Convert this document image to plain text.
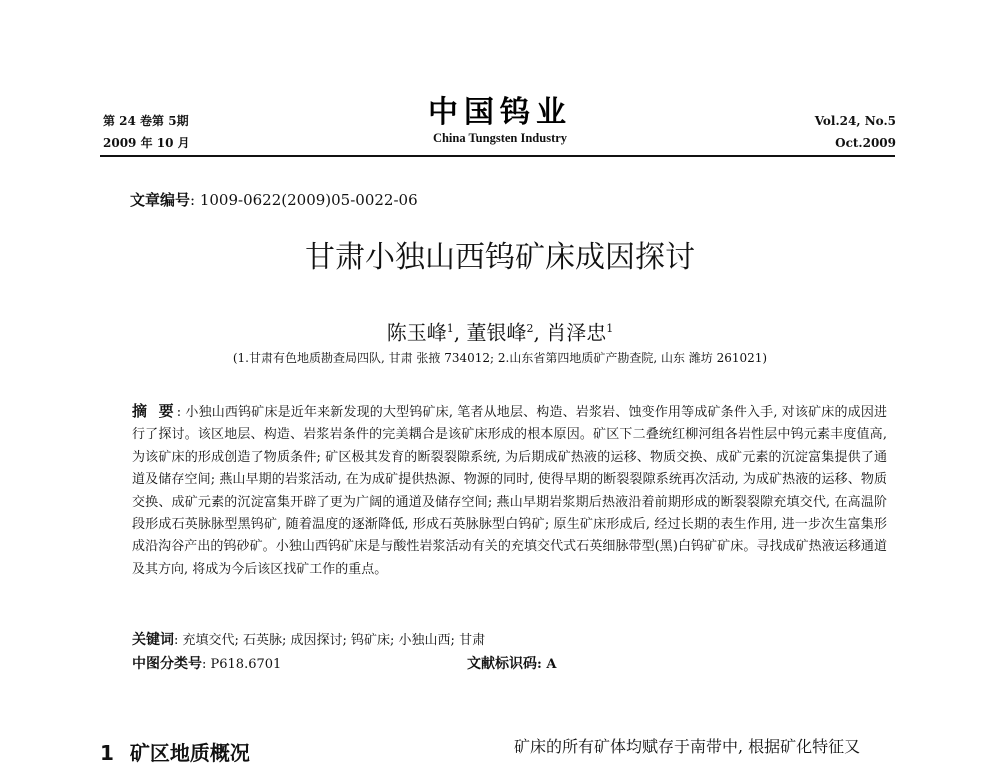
第 24 卷第 5期
2009 年 10 月
中国钨业
China Tungsten Industry
Vol.24, No.5
Oct.2009
文章编号: 1009-0622(2009)05-0022-06
甘肃小独山西钨矿床成因探讨
陈玉峰$^1$, 董银峰$^2$, 肖泽忠$^1$
(1.甘肃有色地质勘查局四队, 甘肃 张掖 734012; 2.山东省第四地质矿产勘查院, 山东 潍坊 261021)
摘 要: 小独山西钨矿床是近年来新发现的大型钨矿床, 笔者从地层、构造、岩浆岩、蚀变作用等成矿条件入手, 对该矿床的成因进行了探讨。该区地层、构造、岩浆岩条件的完美耦合是该矿床形成的根本原因。矿区下二叠统红柳河组各岩性层中钨元素丰度值高, 为该矿床的形成创造了物质条件; 矿区极其发育的断裂裂隙系统, 为后期成矿热液的运移、物质交换、成矿元素的沉淀富集提供了通道及储存空间; 燕山早期的岩浆活动, 在为成矿提供热源、物源的同时, 使得早期的断裂裂隙系统再次活动, 为成矿热液的运移、物质交换、成矿元素的沉淀富集开辟了更为广阔的通道及储存空间; 燕山早期岩浆期后热液沿着前期形成的断裂裂隙充填交代, 在高温阶段形成石英脉脉型黑钨矿, 随着温度的逐渐降低, 形成石英脉脉型白钨矿; 原生矿床形成后, 经过长期的表生作用, 进一步次生富集形成沿沟谷产出的钨砂矿。小独山西钨矿床是与酸性岩浆活动有关的充填交代式石英细脉带型(黑)白钨矿矿床。寻找成矿热液运移通道及其方向, 将成为今后该区找矿工作的重点。
关键词: 充填交代; 石英脉; 成因探讨; 钨矿床; 小独山西; 甘肃
中图分类号: P618.6701	文献标识码: A
1 矿区地质概况	矿床的所有矿体均赋存于南带中, 根据矿化特征又
